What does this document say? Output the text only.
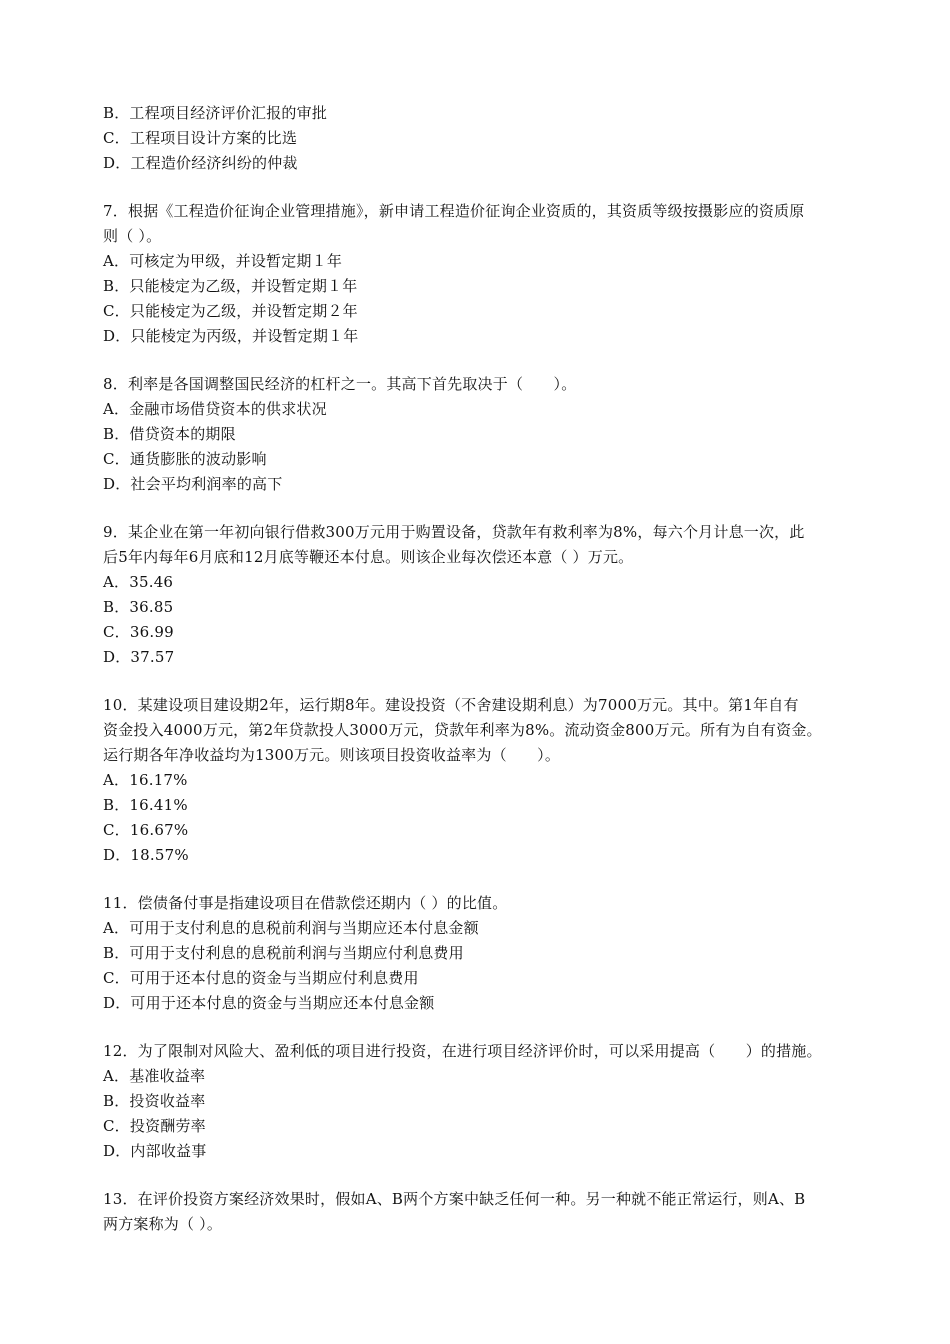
B．工程项目经济评价汇报的审批
C．工程项目设计方案的比选
D．工程造价经济纠纷的仲裁
7．根据《工程造价征询企业管理措施》，新申请工程造价征询企业资质的，其资质等级按摄影应的资质原
则（ ）。
A．可核定为甲级，并设暂定期１年
B．只能棱定为乙级，并设暂定期１年
C．只能棱定为乙级，并设暂定期２年
D．只能棱定为丙级，并设暂定期１年
8．利率是各国调整国民经济的杠杆之一。其高下首先取决于（　　）。
A．金融市场借贷资本的供求状况
B．借贷资本的期限
C．通货膨胀的波动影响
D．社会平均利润率的高下
9．某企业在第一年初向银行借救300万元用于购置设备，贷款年有救利率为8%，每六个月计息一次，此
后5年内每年6月底和12月底等鞭还本付息。则该企业每次偿还本意（ ）万元。
A．35.46
B．36.85
C．36.99
D．37.57
10．某建设项目建设期2年，运行期8年。建设投资（不舍建设期利息）为7000万元。其中。第1年自有
资金投入4000万元，第2年贷款投人3000万元，贷款年利率为8%。流动资金800万元。所有为自有资金。
运行期各年净收益均为1300万元。则该项目投资收益率为（　　）。
A．16.17%
B．16.41%
C．16.67%
D．18.57%
11．偿债备付事是指建设项目在借款偿还期内（ ）的比值。
A．可用于支付利息的息税前利润与当期应还本付息金额
B．可用于支付利息的息税前利润与当期应付利息费用
C．可用于还本付息的资金与当期应付利息费用
D．可用于还本付息的资金与当期应还本付息金额
12．为了限制对风险大、盈利低的项目进行投资，在进行项目经济评价时，可以采用提高（　　）的措施。
A．基准收益率
B．投资收益率
C．投资酬劳率
D．内部收益事
13．在评价投资方案经济效果时，假如A、B两个方案中缺乏任何一种。另一种就不能正常运行，则A、B
两方案称为（ ）。
